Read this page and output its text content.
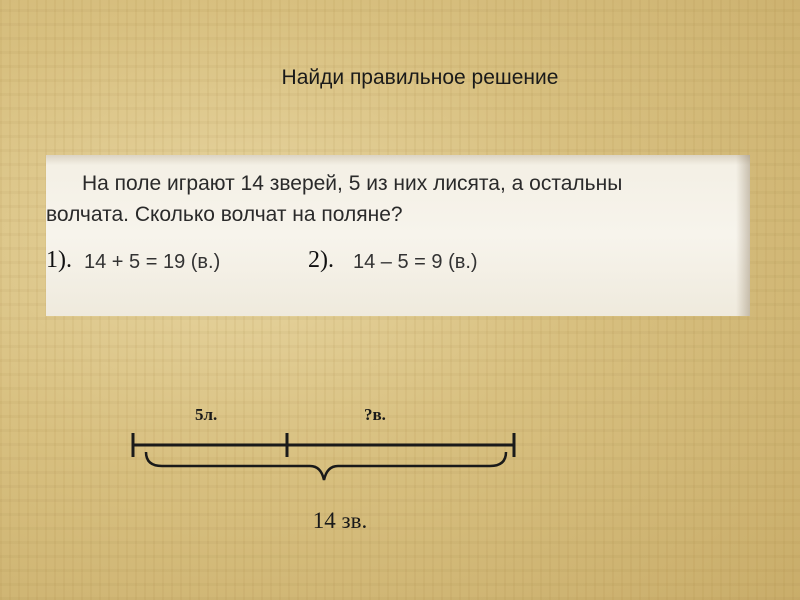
Найди правильное решение
На поле играют 14 зверей, 5 из них лисята, а остальны
волчата. Сколько волчат на поляне?
1). 14 + 5 = 19 (в.)	2). 14 – 5 = 9 (в.)
5л.	?в.
14 зв.
